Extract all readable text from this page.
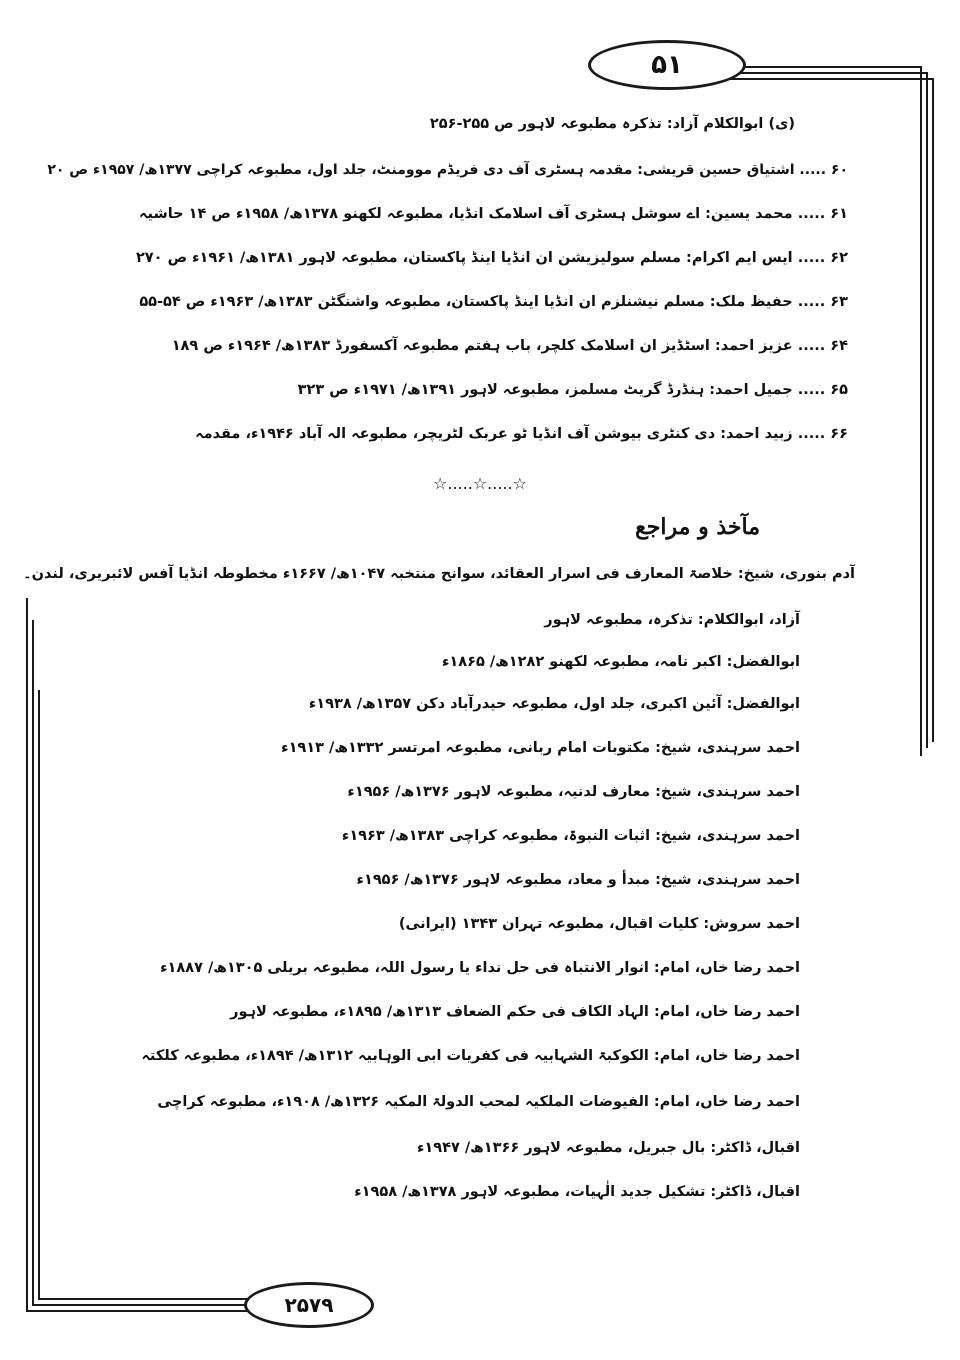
۵۱
(ی) ابوالکلام آزاد: تذکرہ مطبوعہ لاہور ص ۲۵۵-۲۵۶
۶۰ ..... اشتیاق حسین قریشی: مقدمہ ہسٹری آف دی فریڈم موومنٹ، جلد اول، مطبوعہ کراچی ۱۳۷۷ھ/ ۱۹۵۷ء ص ۲۰
۶۱ ..... محمد یسین: اے سوشل ہسٹری آف اسلامک انڈیا، مطبوعہ لکھنو ۱۳۷۸ھ/ ۱۹۵۸ء ص ۱۴ حاشیہ
۶۲ ..... ایس ایم اکرام: مسلم سولیزیشن ان انڈیا اینڈ پاکستان، مطبوعہ لاہور ۱۳۸۱ھ/ ۱۹۶۱ء ص ۲۷۰
۶۳ ..... حفیظ ملک: مسلم نیشنلزم ان انڈیا اینڈ پاکستان، مطبوعہ واشنگٹن ۱۳۸۳ھ/ ۱۹۶۳ء ص ۵۴-۵۵
۶۴ ..... عزیز احمد: اسٹڈیز ان اسلامک کلچر، باب ہفتم مطبوعہ آکسفورڈ ۱۳۸۳ھ/ ۱۹۶۴ء ص ۱۸۹
۶۵ ..... جمیل احمد: ہنڈرڈ گریٹ مسلمز، مطبوعہ لاہور ۱۳۹۱ھ/ ۱۹۷۱ء ص ۳۲۳
۶۶ ..... زبید احمد: دی کنٹری بیوشن آف انڈیا ٹو عربک لٹریچر، مطبوعہ الہ آباد ۱۹۴۶ء، مقدمہ
☆.....☆.....☆
مآخذ و مراجع
آدم بنوری، شیخ: خلاصۃ المعارف فی اسرار العقائد، سوانح منتخبہ ۱۰۴۷ھ/ ۱۶۶۷ء مخطوطہ انڈیا آفس لائبریری، لندن۔
آزاد، ابوالکلام: تذکرہ، مطبوعہ لاہور
ابوالفضل: اکبر نامہ، مطبوعہ لکھنو ۱۲۸۲ھ/ ۱۸۶۵ء
ابوالفضل: آئین اکبری، جلد اول، مطبوعہ حیدرآباد دکن ۱۳۵۷ھ/ ۱۹۳۸ء
احمد سرہندی، شیخ: مکتوبات امام ربانی، مطبوعہ امرتسر ۱۳۳۲ھ/ ۱۹۱۳ء
احمد سرہندی، شیخ: معارف لدنیہ، مطبوعہ لاہور ۱۳۷۶ھ/ ۱۹۵۶ء
احمد سرہندی، شیخ: اثبات النبوۃ، مطبوعہ کراچی ۱۳۸۳ھ/ ۱۹۶۳ء
احمد سرہندی، شیخ: مبدأ و معاد، مطبوعہ لاہور ۱۳۷۶ھ/ ۱۹۵۶ء
احمد سروش: کلیات اقبال، مطبوعہ تہران ۱۳۴۳ (ایرانی)
احمد رضا خاں، امام: انوار الانتباہ فی حل نداء یا رسول اللہ، مطبوعہ بریلی ۱۳۰۵ھ/ ۱۸۸۷ء
احمد رضا خاں، امام: الہاد الکاف فی حکم الضعاف ۱۳۱۳ھ/ ۱۸۹۵ء، مطبوعہ لاہور
احمد رضا خاں، امام: الکوکبۃ الشہابیہ فی کفریات ابی الوہابیہ ۱۳۱۲ھ/ ۱۸۹۴ء، مطبوعہ کلکتہ
احمد رضا خاں، امام: الفیوضات الملکیہ لمحب الدولۃ المکیہ ۱۳۲۶ھ/ ۱۹۰۸ء، مطبوعہ کراچی
اقبال، ڈاکٹر: بال جبریل، مطبوعہ لاہور ۱۳۶۶ھ/ ۱۹۴۷ء
اقبال، ڈاکٹر: تشکیل جدید الٰہیات، مطبوعہ لاہور ۱۳۷۸ھ/ ۱۹۵۸ء
۲۵۷۹
